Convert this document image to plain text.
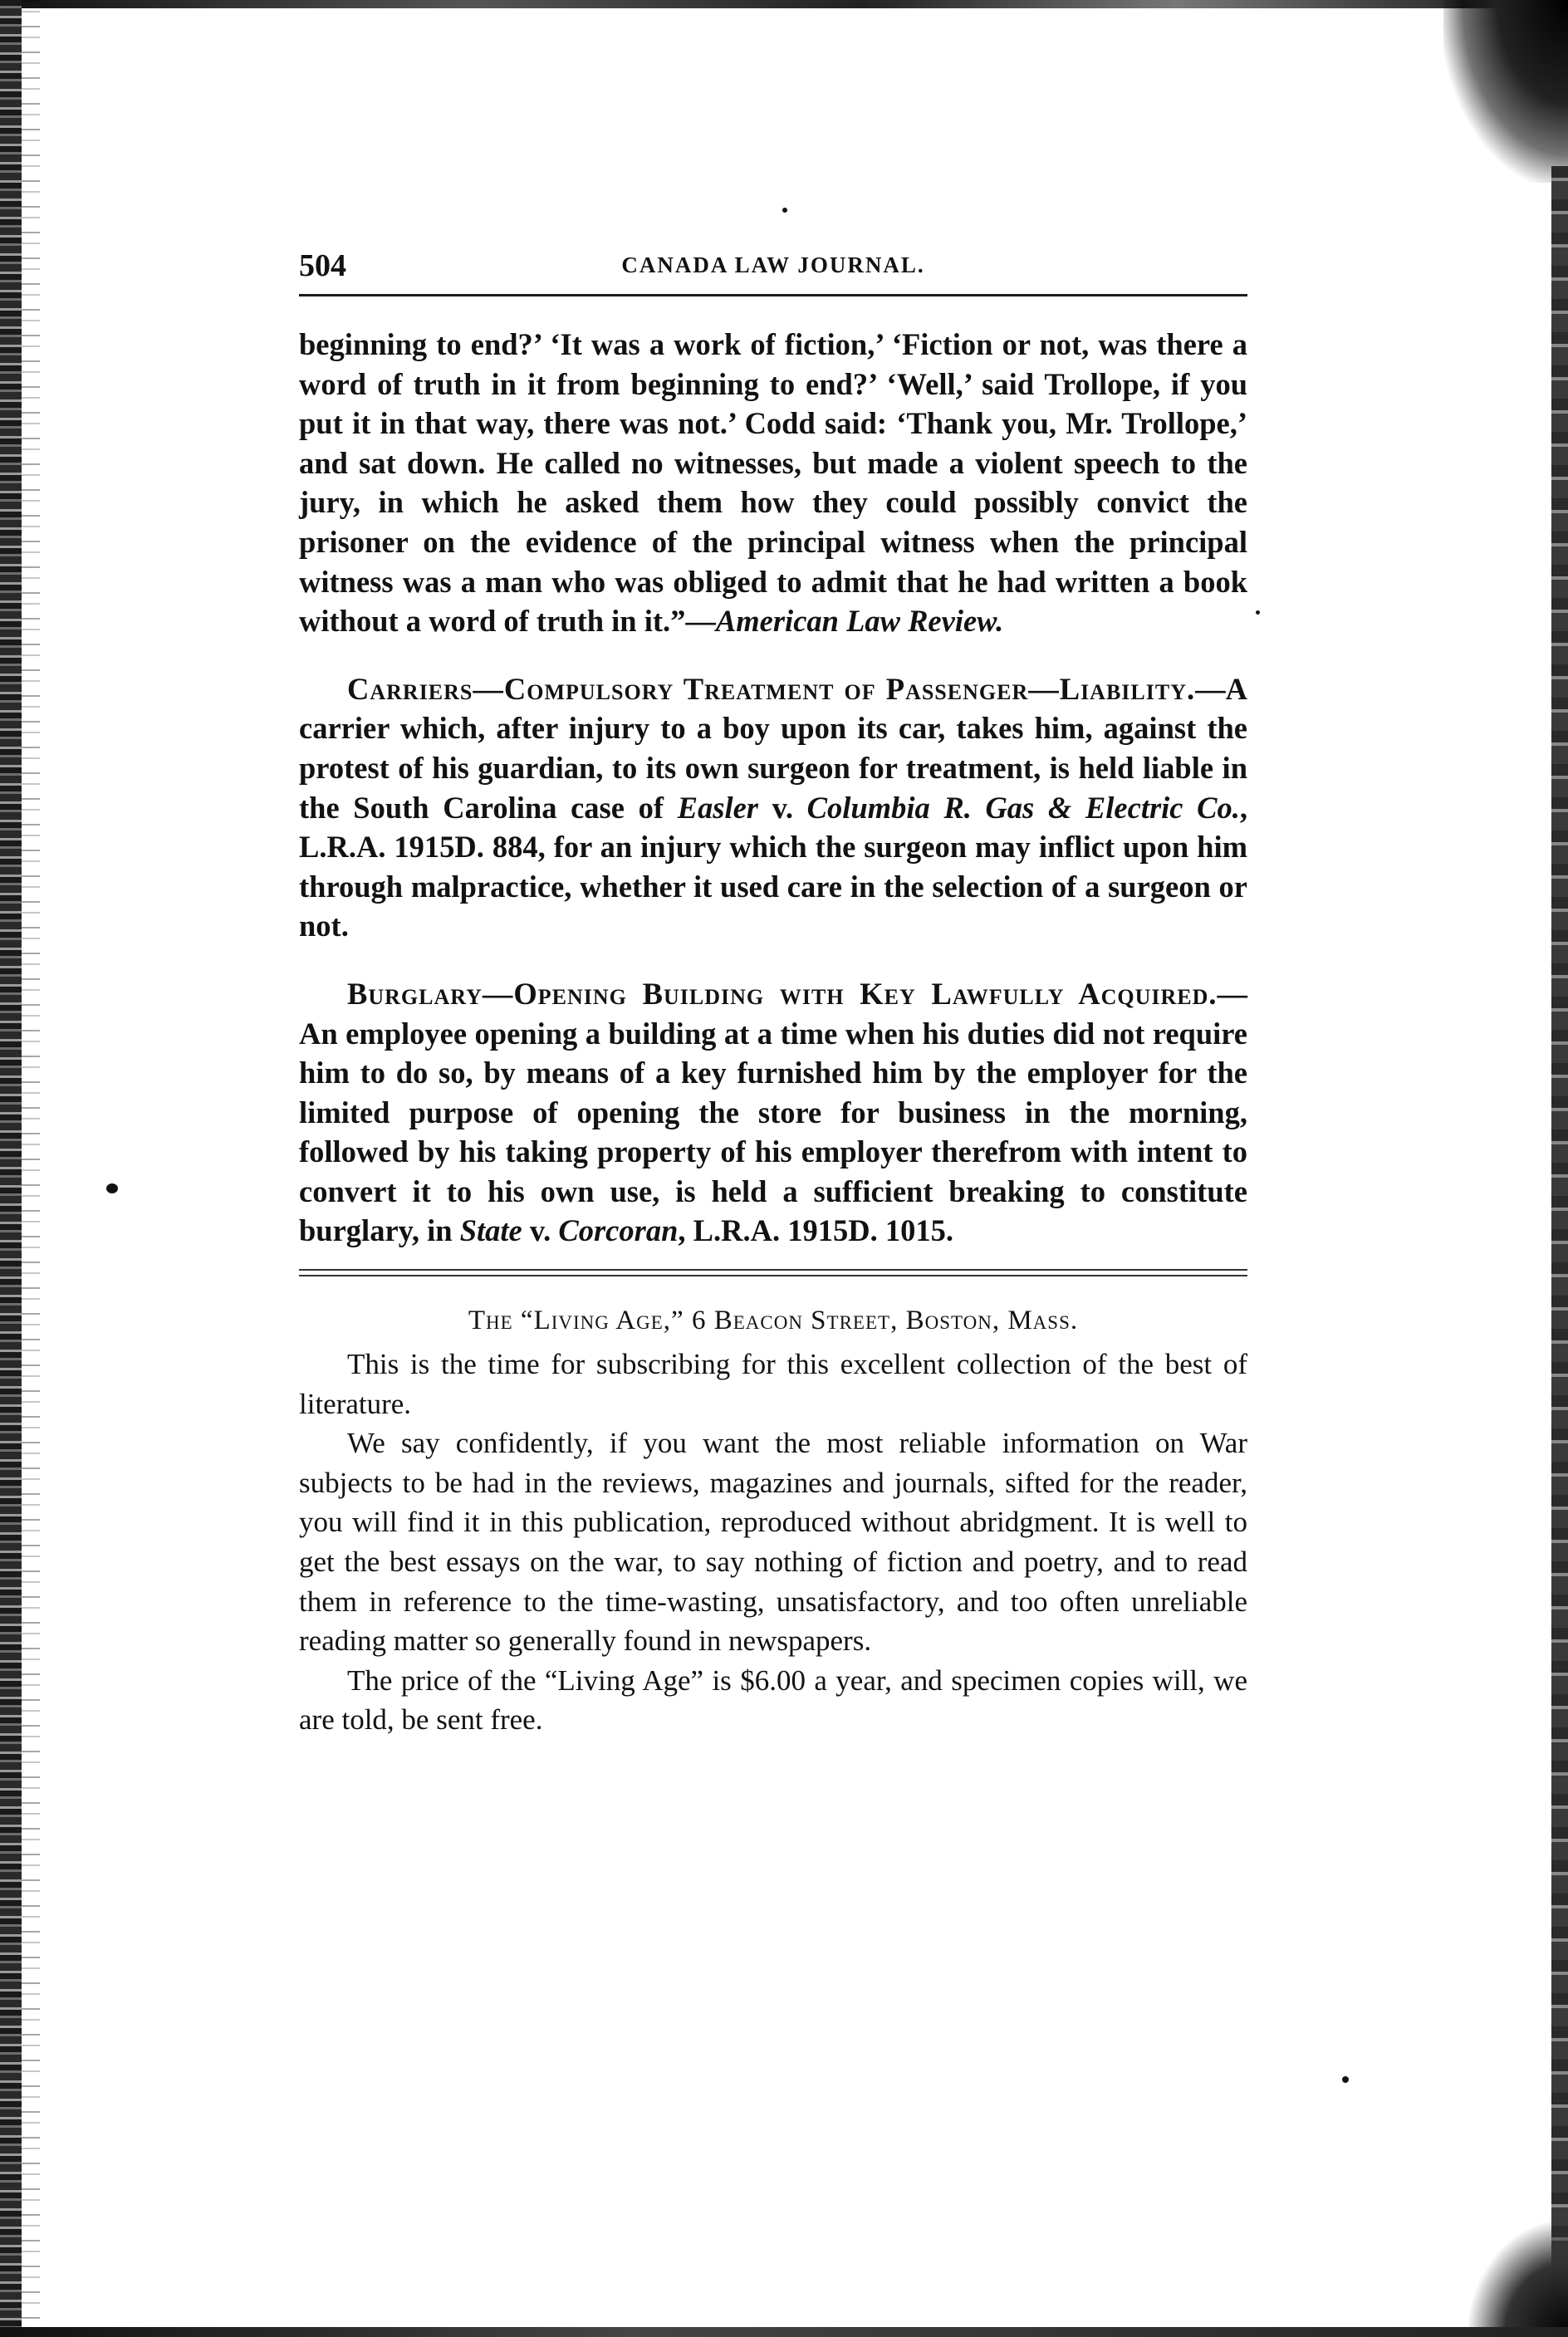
504	CANADA LAW JOURNAL.

beginning to end?’ ‘It was a work of fiction,’ ‘Fiction or not, was there a word of truth in it from beginning to end?’ ‘Well,’ said Trollope, if you put it in that way, there was not.’ Codd said: ‘Thank you, Mr. Trollope,’ and sat down. He called no witnesses, but made a violent speech to the jury, in which he asked them how they could possibly convict the prisoner on the evidence of the principal witness when the principal witness was a man who was obliged to admit that he had written a book without a word of truth in it.”—American Law Review.

Carriers—Compulsory Treatment of Passenger—Liability.—A carrier which, after injury to a boy upon its car, takes him, against the protest of his guardian, to its own surgeon for treatment, is held liable in the South Carolina case of Easler v. Columbia R. Gas & Electric Co., L.R.A. 1915D. 884, for an injury which the surgeon may inflict upon him through malpractice, whether it used care in the selection of a surgeon or not.

Burglary—Opening Building with Key Lawfully Acquired.—An employee opening a building at a time when his duties did not require him to do so, by means of a key furnished him by the employer for the limited purpose of opening the store for business in the morning, followed by his taking property of his employer therefrom with intent to convert it to his own use, is held a sufficient breaking to constitute burglary, in State v. Corcoran, L.R.A. 1915D. 1015.

The “Living Age,” 6 Beacon Street, Boston, Mass.

This is the time for subscribing for this excellent collection of the best of literature.

We say confidently, if you want the most reliable information on War subjects to be had in the reviews, magazines and journals, sifted for the reader, you will find it in this publication, reproduced without abridgment. It is well to get the best essays on the war, to say nothing of fiction and poetry, and to read them in reference to the time-wasting, unsatisfactory, and too often unreliable reading matter so generally found in newspapers.

The price of the “Living Age” is $6.00 a year, and specimen copies will, we are told, be sent free.
